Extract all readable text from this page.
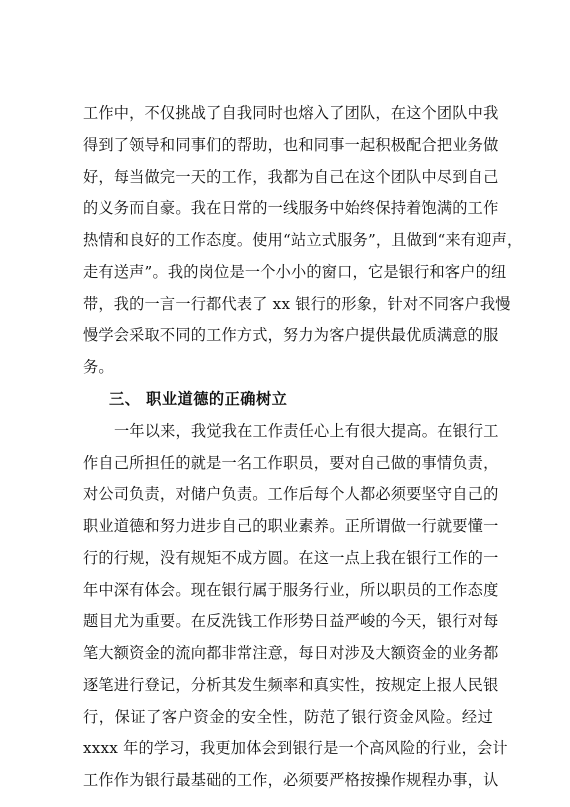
工作中，不仅挑战了自我同时也熔入了团队，在这个团队中我
得到了领导和同事们的帮助，也和同事一起积极配合把业务做
好，每当做完一天的工作，我都为自己在这个团队中尽到自己
的义务而自豪。我在日常的一线服务中始终保持着饱满的工作
热情和良好的工作态度。使用“站立式服务”，且做到“来有迎声，
走有送声”。我的岗位是一个小小的窗口，它是银行和客户的纽
带，我的一言一行都代表了 xx 银行的形象，针对不同客户我慢
慢学会采取不同的工作方式，努力为客户提供最优质满意的服
务。
三、 职业道德的正确树立
一年以来，我觉我在工作责任心上有很大提高。在银行工
作自己所担任的就是一名工作职员，要对自己做的事情负责，
对公司负责，对储户负责。工作后每个人都必须要坚守自己的
职业道德和努力进步自己的职业素养。正所谓做一行就要懂一
行的行规，没有规矩不成方圆。在这一点上我在银行工作的一
年中深有体会。现在银行属于服务行业，所以职员的工作态度
题目尤为重要。在反洗钱工作形势日益严峻的今天，银行对每
笔大额资金的流向都非常注意，每日对涉及大额资金的业务都
逐笔进行登记，分析其发生频率和真实性，按规定上报人民银
行，保证了客户资金的安全性，防范了银行资金风险。经过
xxxx 年的学习，我更加体会到银行是一个高风险的行业，会计
工作作为银行最基础的工作，必须要严格按操作规程办事，认
